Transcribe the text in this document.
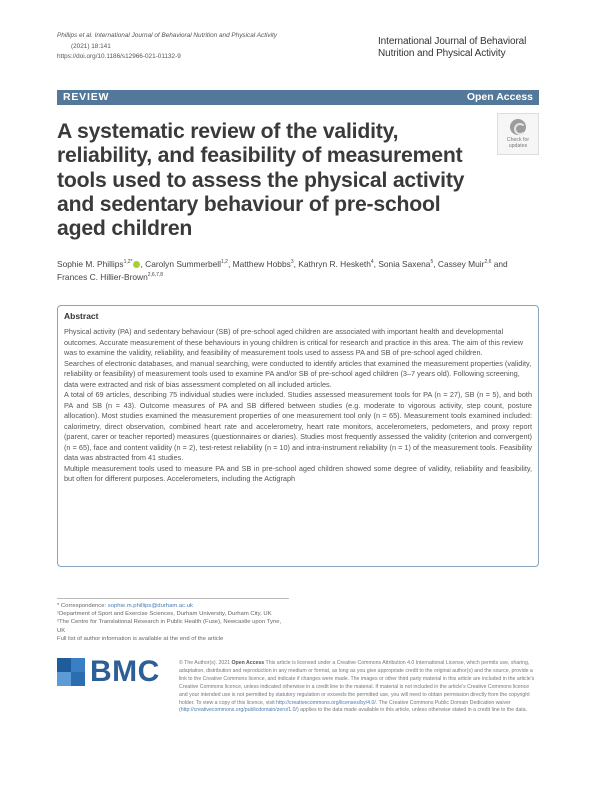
Phillips et al. International Journal of Behavioral Nutrition and Physical Activity
(2021) 18:141
https://doi.org/10.1186/s12966-021-01132-9
International Journal of Behavioral
Nutrition and Physical Activity
REVIEW	Open Access
A systematic review of the validity, reliability, and feasibility of measurement tools used to assess the physical activity and sedentary behaviour of pre-school aged children
Check for
updates
Sophie M. Phillips$^{1,2*}$ , Carolyn Summerbell$^{1,2}$, Matthew Hobbs$^3$, Kathryn R. Hesketh$^4$, Sonia Saxena$^5$, Cassey Muir$^{2,6}$ and Frances C. Hillier-Brown$^{2,6,7,8}$
Abstract

Physical activity (PA) and sedentary behaviour (SB) of pre-school aged children are associated with important health and developmental outcomes. Accurate measurement of these behaviours in young children is critical for research and practice in this area. The aim of this review was to examine the validity, reliability, and feasibility of measurement tools used to assess PA and SB of pre-school aged children.

Searches of electronic databases, and manual searching, were conducted to identify articles that examined the measurement properties (validity, reliability or feasibility) of measurement tools used to examine PA and/or SB of pre-school aged children (3–7 years old). Following screening, data were extracted and risk of bias assessment completed on all included articles.

A total of 69 articles, describing 75 individual studies were included. Studies assessed measurement tools for PA (n = 27), SB (n = 5), and both PA and SB (n = 43). Outcome measures of PA and SB differed between studies (e.g. moderate to vigorous activity, step count, posture allocation). Most studies examined the measurement properties of one measurement tool only (n = 65). Measurement tools examined included: calorimetry, direct observation, combined heart rate and accelerometry, heart rate monitors, accelerometers, pedometers, and proxy report (parent, carer or teacher reported) measures (questionnaires or diaries). Studies most frequently assessed the validity (criterion and convergent) (n = 65), face and content validity (n = 2), test-retest reliability (n = 10) and intra-instrument reliability (n = 1) of the measurement tools. Feasibility data was abstracted from 41 studies.

Multiple measurement tools used to measure PA and SB in pre-school aged children showed some degree of validity, reliability and feasibility, but often for different purposes. Accelerometers, including the Actigraph

* Correspondence: sophie.m.phillips@durham.ac.uk
¹Department of Sport and Exercise Sciences, Durham University, Durham City, UK
²The Centre for Translational Research in Public Health (Fuse), Newcastle upon Tyne, UK
Full list of author information is available at the end of the article
BMC	© The Author(s). 2021 Open Access This article is licensed under a Creative Commons Attribution 4.0 International License, which permits use, sharing, adaptation, distribution and reproduction in any medium or format, as long as you give appropriate credit to the original author(s) and the source, provide a link to the Creative Commons licence, and indicate if changes were made. The images or other third party material in this article are included in the article's Creative Commons licence, unless indicated otherwise in a credit line to the material. If material is not included in the article's Creative Commons licence and your intended use is not permitted by statutory regulation or exceeds the permitted use, you will need to obtain permission directly from the copyright holder. To view a copy of this licence, visit http://creativecommons.org/licenses/by/4.0/. The Creative Commons Public Domain Dedication waiver (http://creativecommons.org/publicdomain/zero/1.0/) applies to the data made available in this article, unless otherwise stated in a credit line to the data.
